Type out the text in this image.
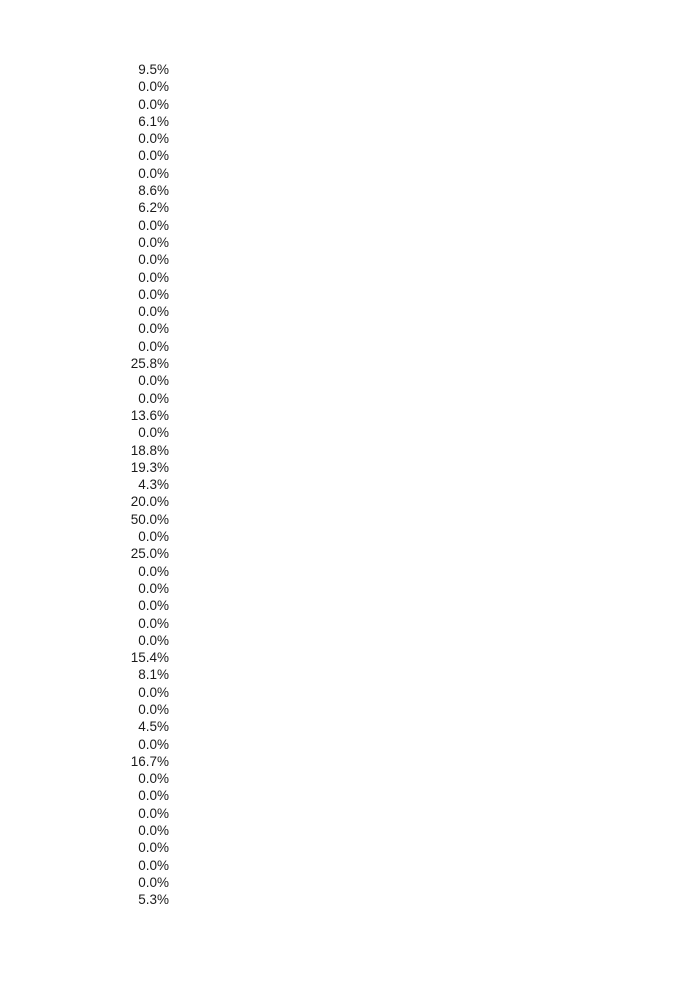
9.5%
0.0%
0.0%
6.1%
0.0%
0.0%
0.0%
8.6%
6.2%
0.0%
0.0%
0.0%
0.0%
0.0%
0.0%
0.0%
0.0%
25.8%
0.0%
0.0%
13.6%
0.0%
18.8%
19.3%
4.3%
20.0%
50.0%
0.0%
25.0%
0.0%
0.0%
0.0%
0.0%
0.0%
15.4%
8.1%
0.0%
0.0%
4.5%
0.0%
16.7%
0.0%
0.0%
0.0%
0.0%
0.0%
0.0%
0.0%
5.3%
